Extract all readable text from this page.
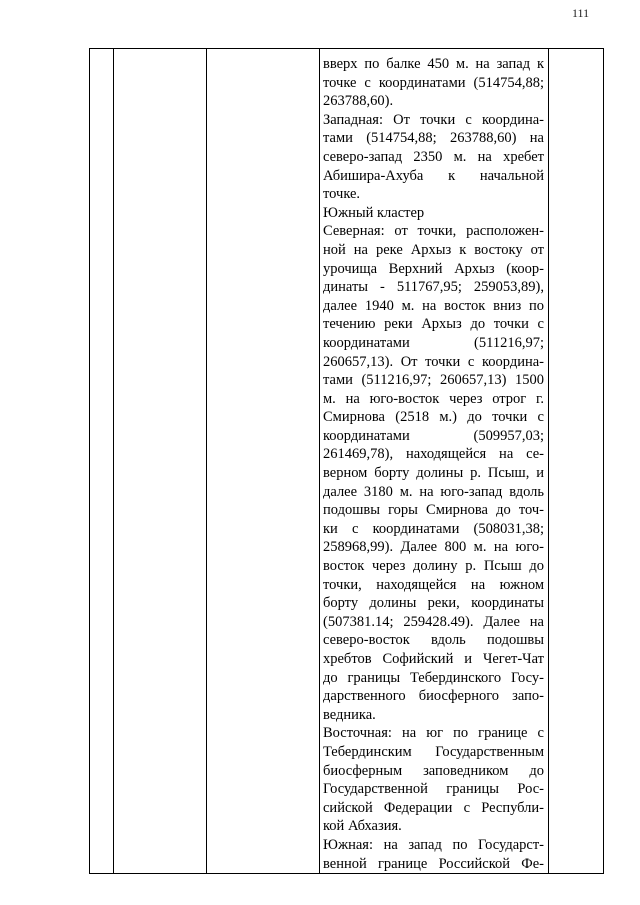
111

вверх по балке 450 м. на запад к
точке с координатами (514754,88;
263788,60).
Западная: От точки с координа-
тами (514754,88; 263788,60) на
северо-запад 2350 м. на хребет
Абишира-Ахуба к начальной
точке.
Южный кластер
Северная: от точки, расположен-
ной на реке Архыз к востоку от
урочища Верхний Архыз (коор-
динаты - 511767,95; 259053,89),
далее 1940 м. на восток вниз по
течению реки Архыз до точки с
координатами (511216,97;
260657,13). От точки с координа-
тами (511216,97; 260657,13) 1500
м. на юго-восток через отрог г.
Смирнова (2518 м.) до точки с
координатами (509957,03;
261469,78), находящейся на се-
верном борту долины р. Псыш, и
далее 3180 м. на юго-запад вдоль
подошвы горы Смирнова до точ-
ки с координатами (508031,38;
258968,99). Далее 800 м. на юго-
восток через долину р. Псыш до
точки, находящейся на южном
борту долины реки, координаты
(507381.14; 259428.49). Далее на
северо-восток вдоль подошвы
хребтов Софийский и Чегет-Чат
до границы Тебердинского Госу-
дарственного биосферного запо-
ведника.
Восточная: на юг по границе с
Тебердинским Государственным
биосферным заповедником до
Государственной границы Рос-
сийской Федерации с Республи-
кой Абхазия.
Южная: на запад по Государст-
венной границе Российской Фе-
